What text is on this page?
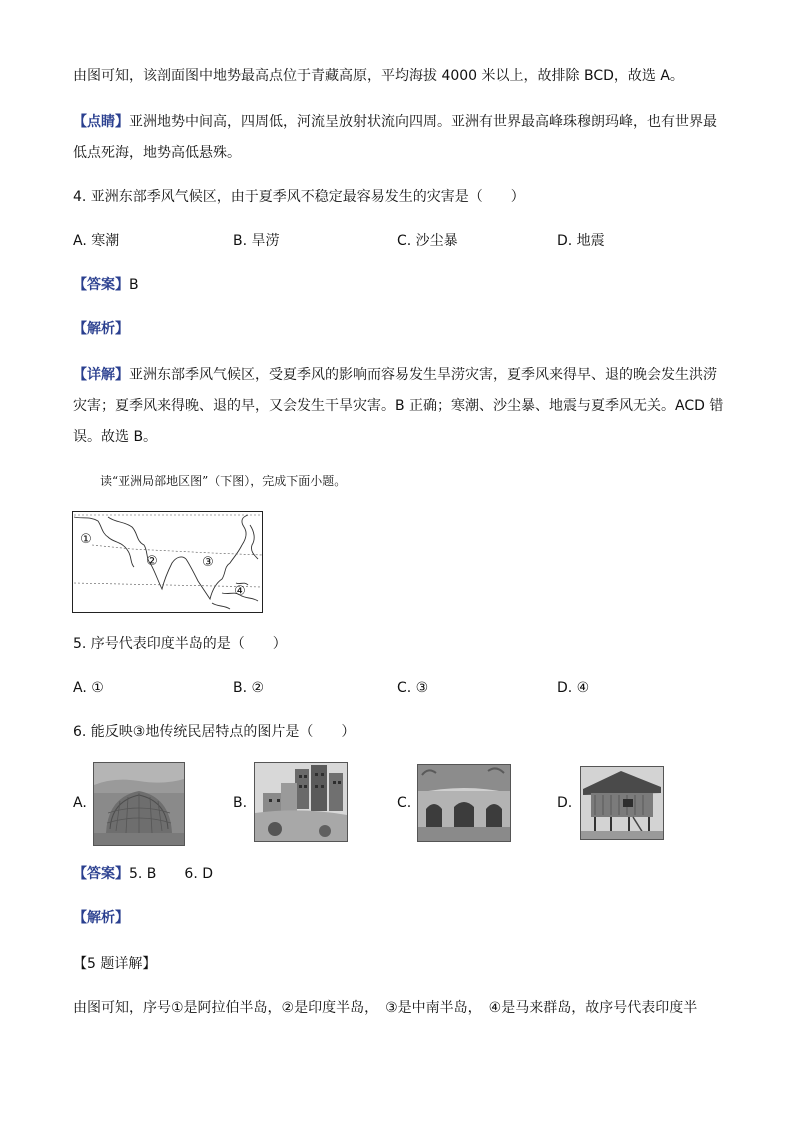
由图可知，该剖面图中地势最高点位于青藏高原，平均海拔 4000 米以上，故排除 BCD，故选 A。
【点睛】亚洲地势中间高，四周低，河流呈放射状流向四周。亚洲有世界最高峰珠穆朗玛峰，也有世界最
低点死海，地势高低悬殊。
4. 亚洲东部季风气候区，由于夏季风不稳定最容易发生的灾害是（　　）
A. 寒潮	B. 旱涝	C. 沙尘暴	D. 地震
【答案】B
【解析】
【详解】亚洲东部季风气候区，受夏季风的影响而容易发生旱涝灾害，夏季风来得早、退的晚会发生洪涝
灾害；夏季风来得晚、退的早，又会发生干旱灾害。B 正确；寒潮、沙尘暴、地震与夏季风无关。ACD 错
误。故选 B。
读“亚洲局部地区图”（下图），完成下面小题。
①
②	③
④
5. 序号代表印度半岛的是（　　）
A. ①	B. ②	C. ③	D. ④
6. 能反映③地传统民居特点的图片是（　　）
A.	B.	C.	D.
【答案】5. B　　6. D
【解析】
【5 题详解】
由图可知，序号①是阿拉伯半岛，②是印度半岛，　③是中南半岛，　④是马来群岛，故序号代表印度半
